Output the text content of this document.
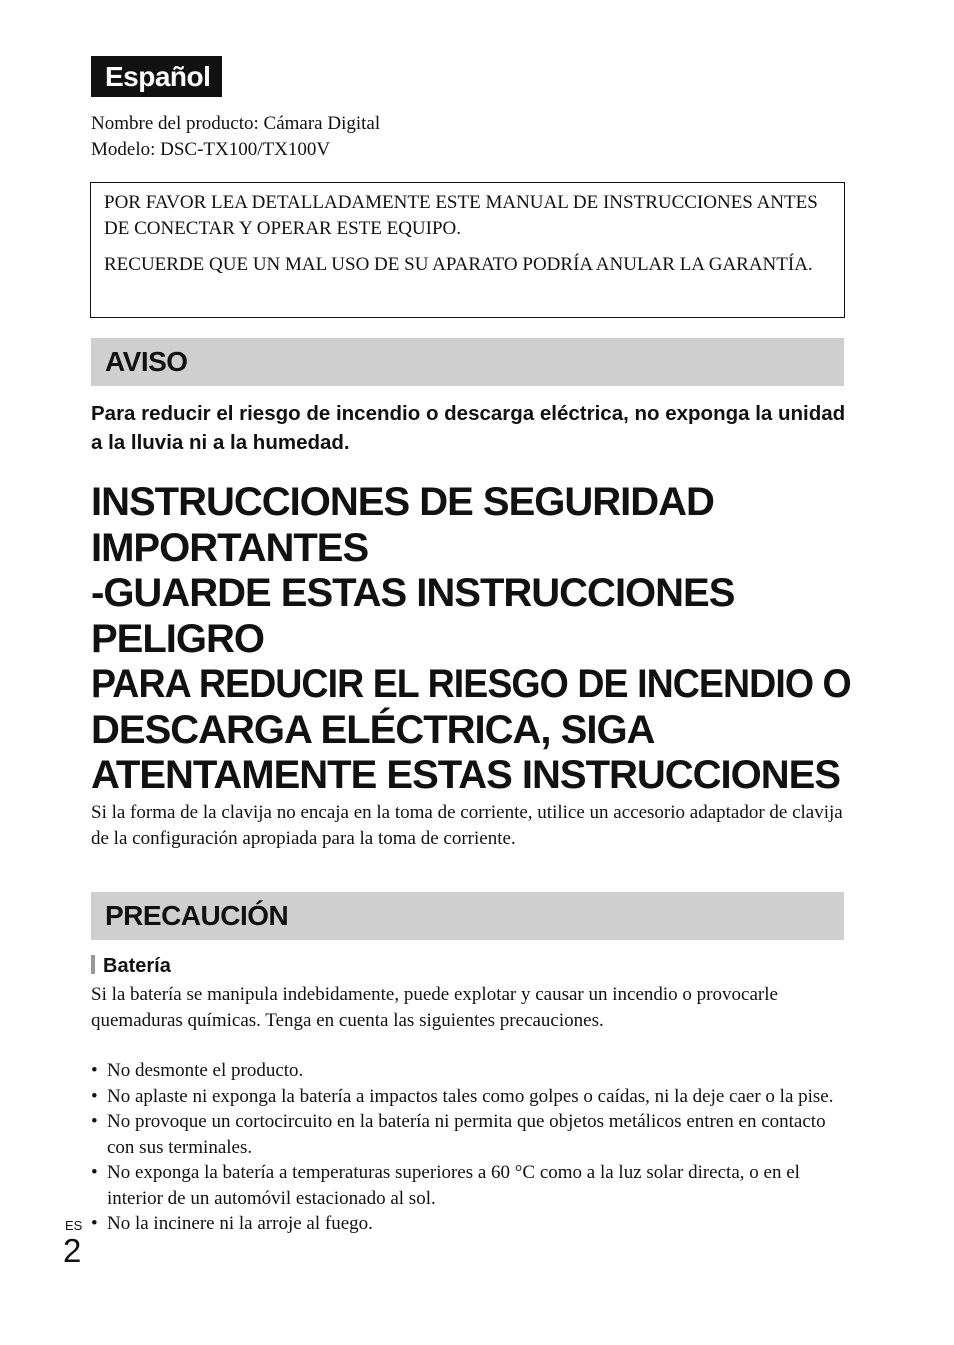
Español
Nombre del producto: Cámara Digital
Modelo: DSC-TX100/TX100V

POR FAVOR LEA DETALLADAMENTE ESTE MANUAL DE INSTRUCCIONES ANTES DE CONECTAR Y OPERAR ESTE EQUIPO.

RECUERDE QUE UN MAL USO DE SU APARATO PODRÍA ANULAR LA GARANTÍA.

AVISO
Para reducir el riesgo de incendio o descarga eléctrica, no exponga la unidad a la lluvia ni a la humedad.
INSTRUCCIONES DE SEGURIDAD
IMPORTANTES
-GUARDE ESTAS INSTRUCCIONES
PELIGRO
PARA REDUCIR EL RIESGO DE INCENDIO O
DESCARGA ELÉCTRICA, SIGA
ATENTAMENTE ESTAS INSTRUCCIONES
Si la forma de la clavija no encaja en la toma de corriente, utilice un accesorio adaptador de clavija de la configuración apropiada para la toma de corriente.
PRECAUCIÓN
Batería
Si la batería se manipula indebidamente, puede explotar y causar un incendio o provocarle quemaduras químicas. Tenga en cuenta las siguientes precauciones.
• No desmonte el producto.
• No aplaste ni exponga la batería a impactos tales como golpes o caídas, ni la deje caer o la pise.
• No provoque un cortocircuito en la batería ni permita que objetos metálicos entren en contacto con sus terminales.
• No exponga la batería a temperaturas superiores a 60 °C como a la luz solar directa, o en el interior de un automóvil estacionado al sol.
• No la incinere ni la arroje al fuego.
ES
2
